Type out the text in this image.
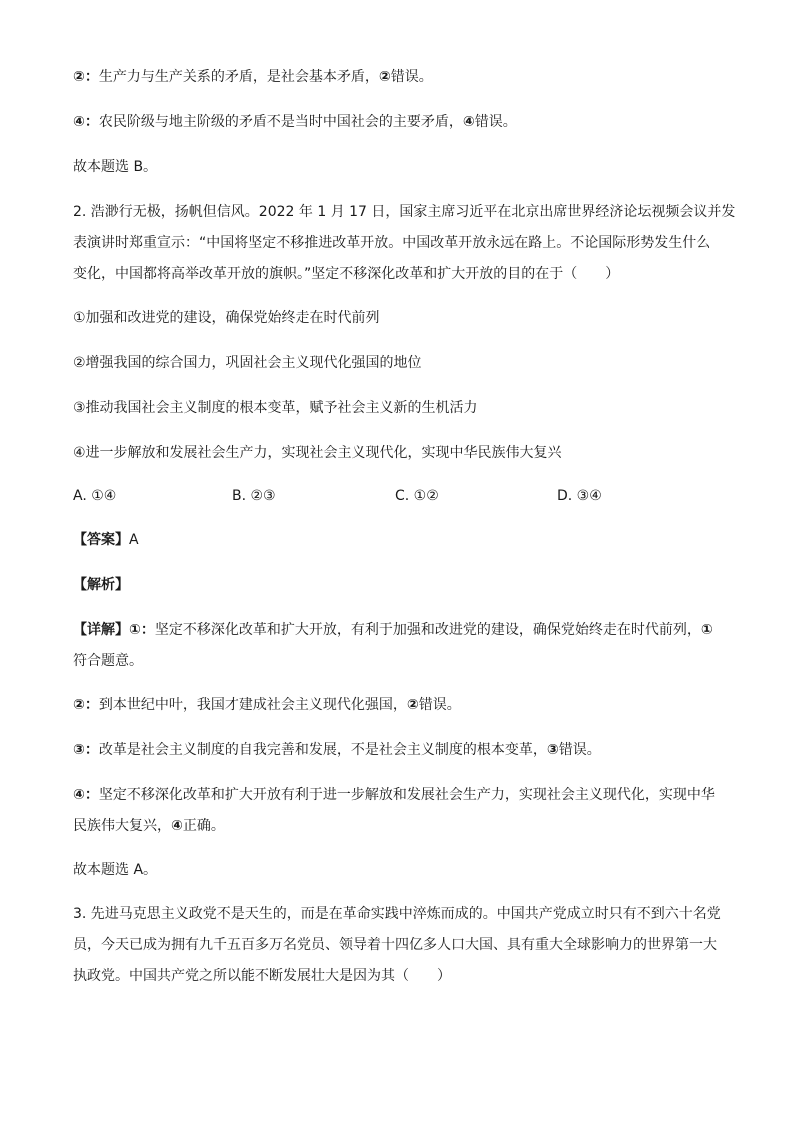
②：生产力与生产关系的矛盾，是社会基本矛盾，②错误。
④：农民阶级与地主阶级的矛盾不是当时中国社会的主要矛盾，④错误。
故本题选 B。
2. 浩渺行无极，扬帆但信风。2022 年 1 月 17 日，国家主席习近平在北京出席世界经济论坛视频会议并发
表演讲时郑重宣示：“中国将坚定不移推进改革开放。中国改革开放永远在路上。不论国际形势发生什么
变化，中国都将高举改革开放的旗帜。”坚定不移深化改革和扩大开放的目的在于（　　）
①加强和改进党的建设，确保党始终走在时代前列
②增强我国的综合国力，巩固社会主义现代化强国的地位
③推动我国社会主义制度的根本变革，赋予社会主义新的生机活力
④进一步解放和发展社会生产力，实现社会主义现代化，实现中华民族伟大复兴
A. ①④	B. ②③	C. ①②	D. ③④
【答案】A
【解析】
【详解】①：坚定不移深化改革和扩大开放，有利于加强和改进党的建设，确保党始终走在时代前列，①
符合题意。
②：到本世纪中叶，我国才建成社会主义现代化强国，②错误。
③：改革是社会主义制度的自我完善和发展，不是社会主义制度的根本变革，③错误。
④：坚定不移深化改革和扩大开放有利于进一步解放和发展社会生产力，实现社会主义现代化，实现中华
民族伟大复兴，④正确。
故本题选 A。
3. 先进马克思主义政党不是天生的，而是在革命实践中淬炼而成的。中国共产党成立时只有不到六十名党
员，今天已成为拥有九千五百多万名党员、领导着十四亿多人口大国、具有重大全球影响力的世界第一大
执政党。中国共产党之所以能不断发展壮大是因为其（　　）
